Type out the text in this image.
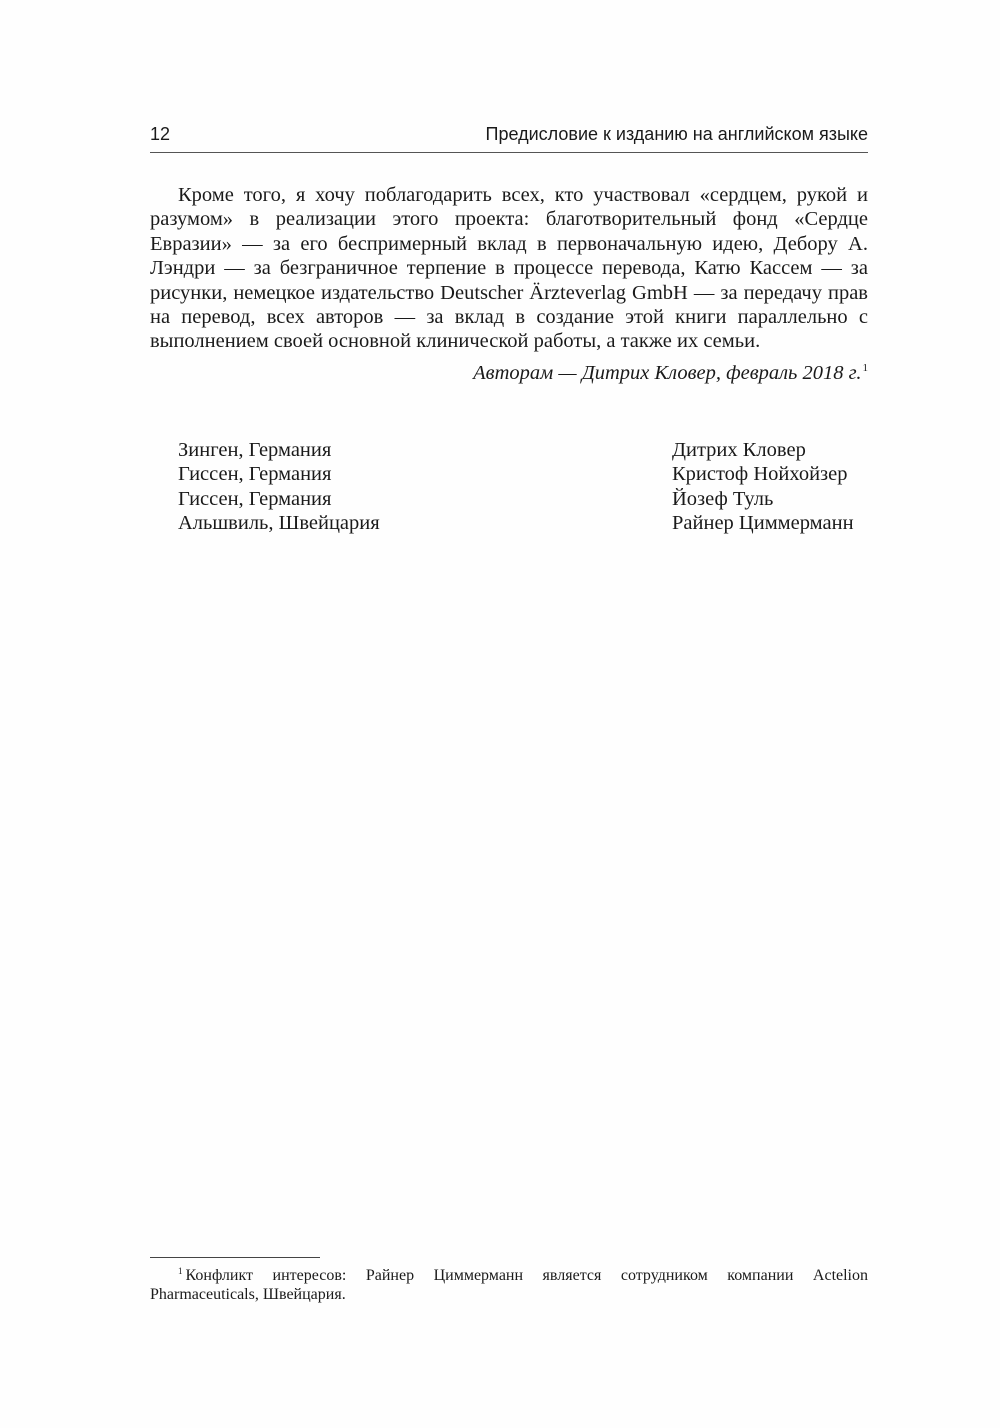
12	Предисловие к изданию на английском языке

Кроме того, я хочу поблагодарить всех, кто участвовал «сердцем, рукой и разумом» в реализации этого проекта: благотворительный фонд «Сердце Евразии» — за его беспримерный вклад в первоначальную идею, Дебору А. Лэндри — за безграничное терпение в процессе перевода, Катю Кассем — за рисунки, немецкое издательство Deutscher Ärzteverlag GmbH — за передачу прав на перевод, всех авторов — за вклад в создание этой книги параллельно с выполнением своей основной клинической работы, а также их семьи.

Авторам — Дитрих Кловер, февраль 2018 г.$^1$
Зинген, Германия
Гиссен, Германия
Гиссен, Германия
Альшвиль, Швейцария
Дитрих Кловер
Кристоф Нойхойзер
Йозеф Туль
Райнер Циммерманн

$^1$ Конфликт интересов: Райнер Циммерманн является сотрудником компании Actelion Pharmaceuticals, Швейцария.
